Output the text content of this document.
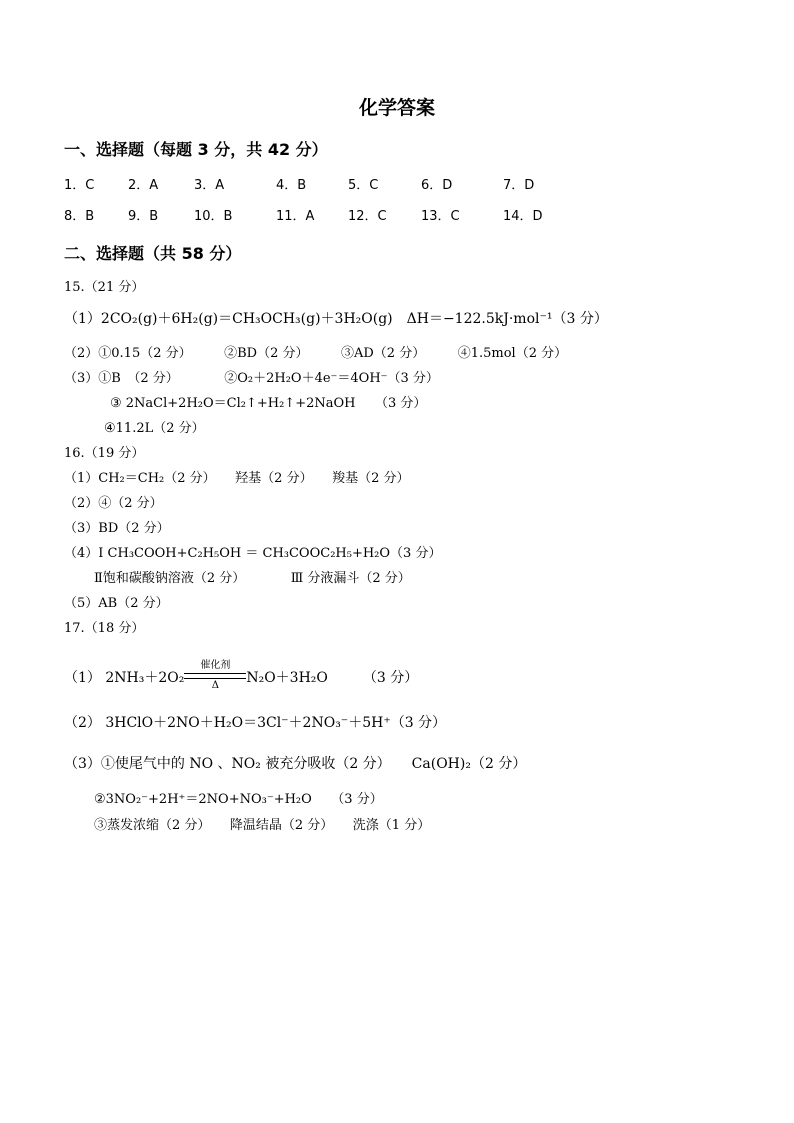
化学答案
一、选择题（每题 3 分，共 42 分）
1．C	2．A	3．A	4．B	5．C	6．D	7．D
8．B	9．B	10．B	11．A	12．C	13．C	14．D
二、选择题（共 58 分）
15.（21 分）
（1）2CO₂(g)＋6H₂(g)＝CH₃OCH₃(g)＋3H₂O(g)　ΔH＝−122.5kJ·mol⁻¹（3 分）
（2）①0.15（2 分）　　　②BD（2 分）　　　③AD（2 分）　　　④1.5mol（2 分）
（3）①B　（2 分）　　　　②O₂＋2H₂O＋4e⁻＝4OH⁻（3 分）
③ 2NaCl+2H₂O＝Cl₂↑+H₂↑+2NaOH　　（3 分）
④11.2L（2 分）
16.（19 分）
（1）CH₂＝CH₂（2 分）　　羟基（2 分）　　羧基（2 分）
（2）④（2 分）
（3）BD（2 分）
（4）I CH₃COOH+C₂H₅OH ＝ CH₃COOC₂H₅+H₂O（3 分）
Ⅱ饱和碳酸钠溶液（2 分）　　　　Ⅲ 分液漏斗（2 分）
（5）AB（2 分）
17.（18 分）
（1） 2NH₃＋2O₂
催化剂
Δ	N₂O＋3H₂O　　　（3 分）
（2） 3HClO＋2NO＋H₂O＝3Cl⁻＋2NO₃⁻＋5H⁺（3 分）
（3）①使尾气中的 NO 、NO₂ 被充分吸收（2 分）　　Ca(OH)₂（2 分）
②3NO₂⁻+2H⁺＝2NO+NO₃⁻+H₂O　　（3 分）
③蒸发浓缩（2 分）　　降温结晶（2 分）　　洗涤（1 分）
